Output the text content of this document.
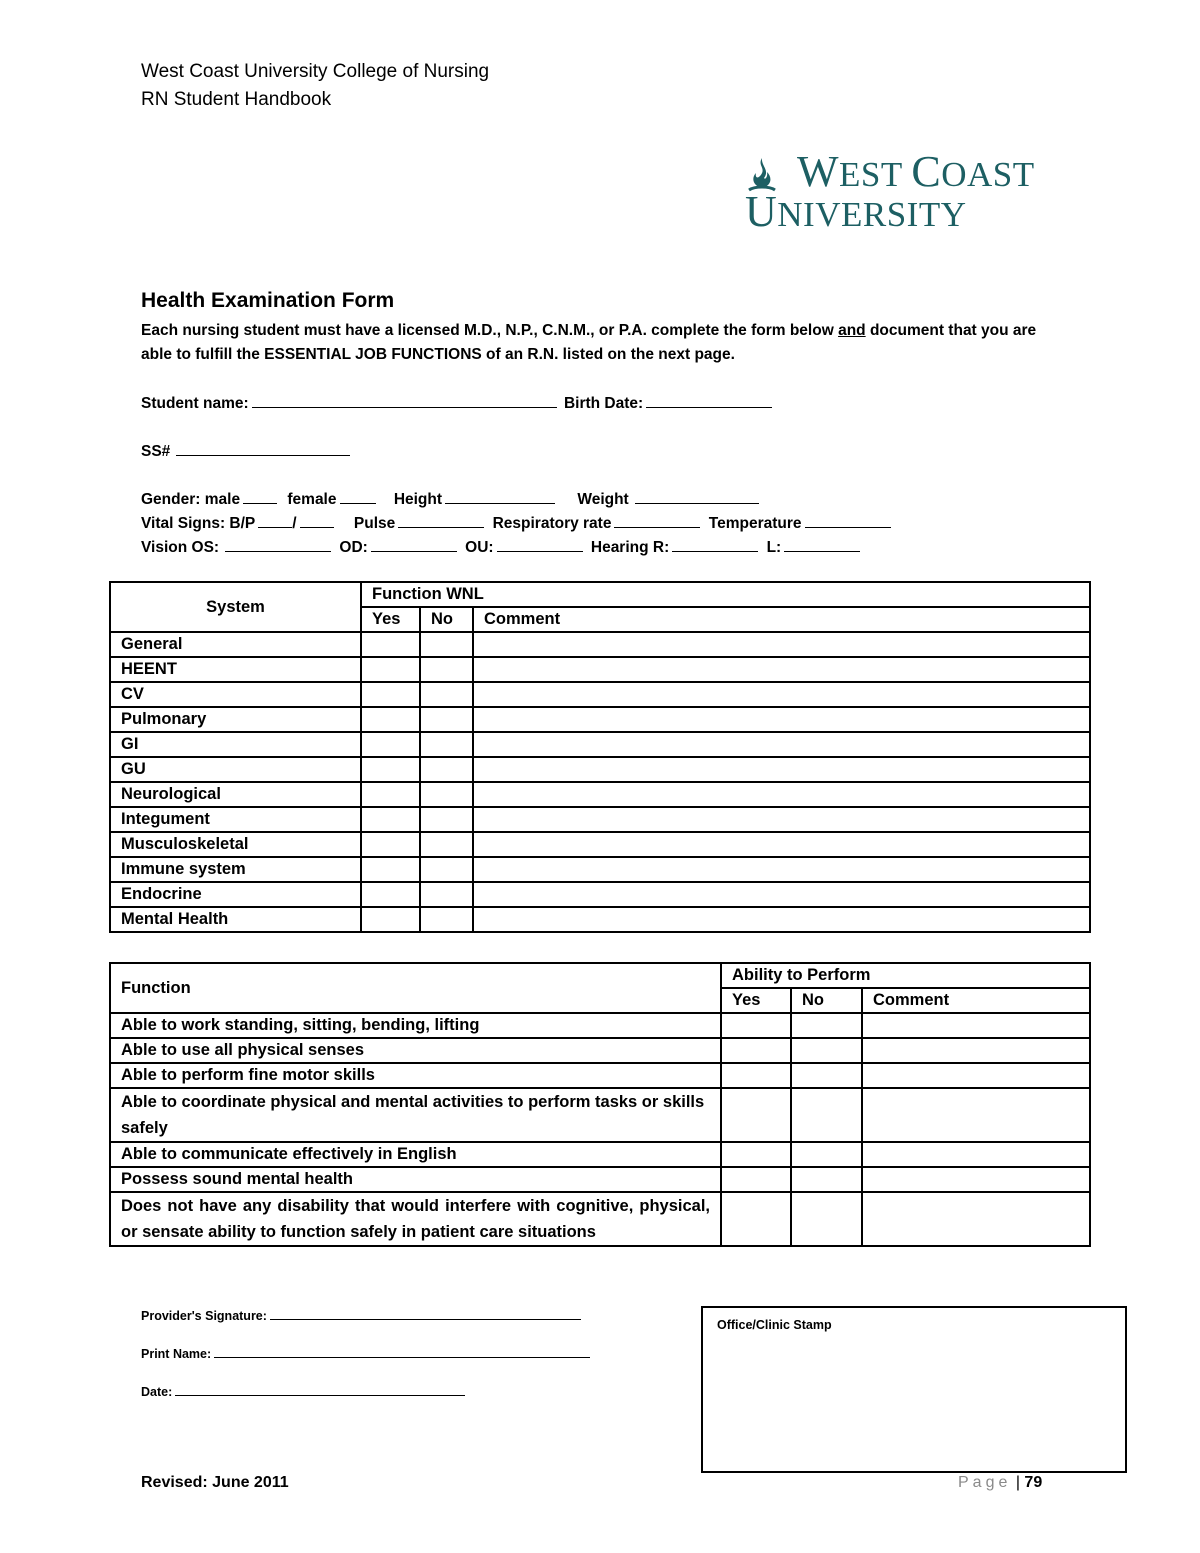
West Coast University College of Nursing
RN Student Handbook
WEST COAST
UNIVERSITY
Health Examination Form
Each nursing student must have a licensed M.D., N.P., C.N.M., or P.A. complete the form below and document that you are able to fulfill the ESSENTIAL JOB FUNCTIONS of an R.N. listed on the next page.
Student name:	Birth Date:
SS#
Gender: male	female	Height	Weight
Vital Signs: B/P /	Pulse	Respiratory rate	Temperature
Vision OS:	OD:	OU:	Hearing R:	L:
System	Function WNL		
	Yes	No	Comment
General			
HEENT			
CV			
Pulmonary			
GI			
GU			
Neurological			
Integument			
Musculoskeletal			
Immune system			
Endocrine			
Mental Health			
Function	Ability to Perform		
	Yes	No	Comment
Able to work standing, sitting, bending, lifting			
Able to use all physical senses			
Able to perform fine motor skills			
Able to coordinate physical and mental activities to perform tasks or skills safely			
Able to communicate effectively in English			
Possess sound mental health			
Does not have any disability that would interfere with cognitive, physical, or sensate ability to function safely in patient care situations			
Provider's Signature:
Print Name:
Date:
Office/Clinic Stamp
Revised: June 2011	Page | 79
